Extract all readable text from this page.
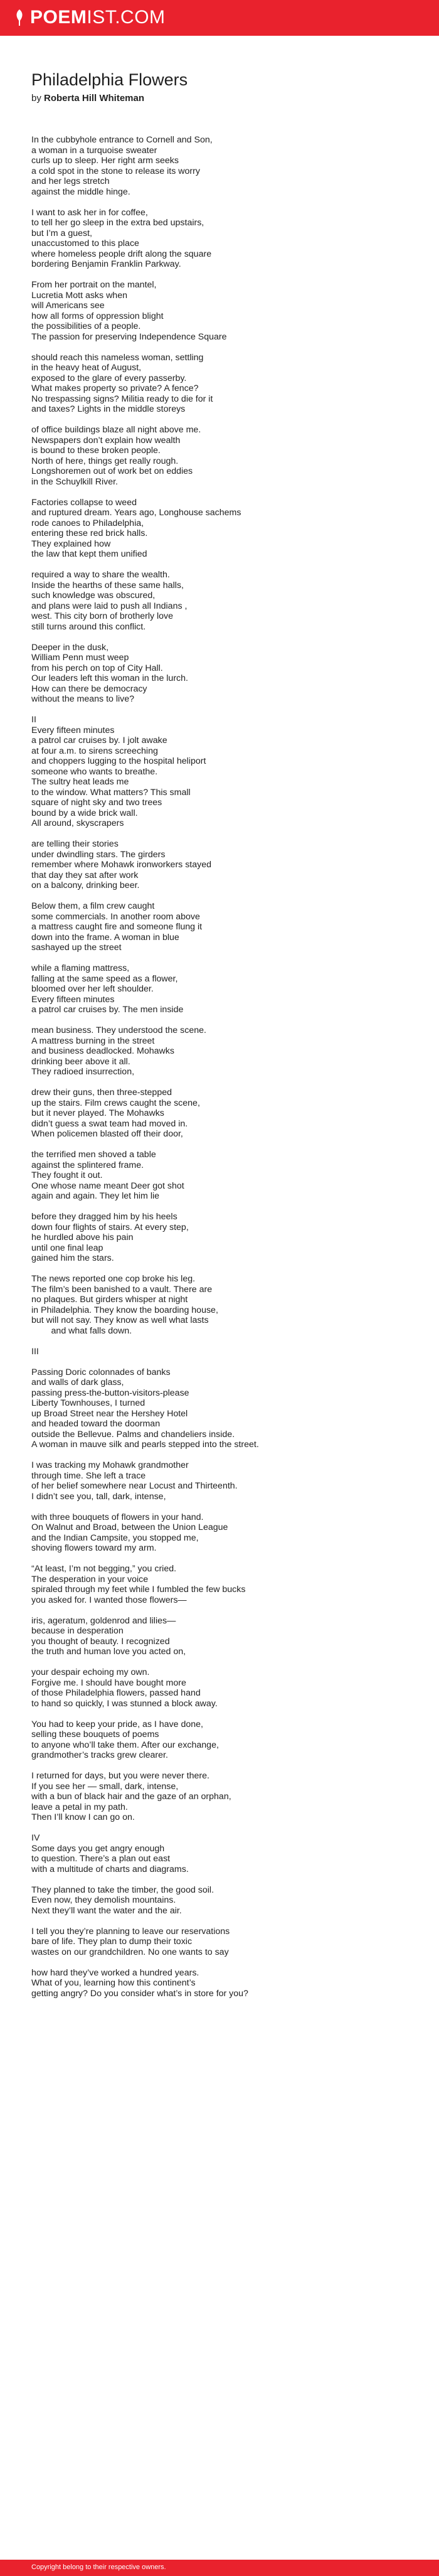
POEMIST.COM
Philadelphia Flowers
by Roberta Hill Whiteman
In the cubbyhole entrance to Cornell and Son,
a woman in a turquoise sweater
curls up to sleep. Her right arm seeks
a cold spot in the stone to release its worry
and her legs stretch
against the middle hinge.
I want to ask her in for coffee,
to tell her go sleep in the extra bed upstairs,
but I’m a guest,
unaccustomed to this place
where homeless people drift along the square
bordering Benjamin Franklin Parkway.
From her portrait on the mantel,
Lucretia Mott asks when
will Americans see
how all forms of oppression blight
the possibilities of a people.
The passion for preserving Independence Square
should reach this nameless woman, settling
in the heavy heat of August,
exposed to the glare of every passerby.
What makes property so private? A fence?
No trespassing signs? Militia ready to die for it
and taxes? Lights in the middle storeys
of office buildings blaze all night above me.
Newspapers don’t explain how wealth
is bound to these broken people.
North of here, things get really rough.
Longshoremen out of work bet on eddies
in the Schuylkill River.
Factories collapse to weed
and ruptured dream. Years ago, Longhouse sachems
rode canoes to Philadelphia,
entering these red brick halls.
They explained how
the law that kept them unified
required a way to share the wealth.
Inside the hearths of these same halls,
such knowledge was obscured,
and plans were laid to push all Indians ,
west. This city born of brotherly love
still turns around this conflict.
Deeper in the dusk,
William Penn must weep
from his perch on top of City Hall.
Our leaders left this woman in the lurch.
How can there be democracy
without the means to live?
II
Every fifteen minutes
a patrol car cruises by. I jolt awake
at four a.m. to sirens screeching
and choppers lugging to the hospital heliport
someone who wants to breathe.
The sultry heat leads me
to the window. What matters? This small
square of night sky and two trees
bound by a wide brick wall.
All around, skyscrapers
are telling their stories
under dwindling stars. The girders
remember where Mohawk ironworkers stayed
that day they sat after work
on a balcony, drinking beer.
Below them, a film crew caught
some commercials. In another room above
a mattress caught fire and someone flung it
down into the frame. A woman in blue
sashayed up the street
while a flaming mattress,
falling at the same speed as a flower,
bloomed over her left shoulder.
Every fifteen minutes
a patrol car cruises by. The men inside
mean business. They understood the scene.
A mattress burning in the street
and business deadlocked. Mohawks
drinking beer above it all.
They radioed insurrection,
drew their guns, then three-stepped
up the stairs. Film crews caught the scene,
but it never played. The Mohawks
didn’t guess a swat team had moved in.
When policemen blasted off their door,
the terrified men shoved a table
against the splintered frame.
They fought it out.
One whose name meant Deer got shot
again and again. They let him lie
before they dragged him by his heels
down four flights of stairs. At every step,
he hurdled above his pain
until one final leap
gained him the stars.
The news reported one cop broke his leg.
The film’s been banished to a vault. There are
no plaques. But girders whisper at night
in Philadelphia. They know the boarding house,
but will not say. They know as well what lasts
and what falls down.
III
Passing Doric colonnades of banks
and walls of dark glass,
passing press-the-button-visitors-please
Liberty Townhouses, I turned
up Broad Street near the Hershey Hotel
and headed toward the doorman
outside the Bellevue. Palms and chandeliers inside.
A woman in mauve silk and pearls stepped into the street.
I was tracking my Mohawk grandmother
through time. She left a trace
of her belief somewhere near Locust and Thirteenth.
I didn’t see you, tall, dark, intense,
with three bouquets of flowers in your hand.
On Walnut and Broad, between the Union League
and the Indian Campsite, you stopped me,
shoving flowers toward my arm.
“At least, I’m not begging,” you cried.
The desperation in your voice
spiraled through my feet while I fumbled the few bucks
you asked for. I wanted those flowers—
iris, ageratum, goldenrod and lilies—
because in desperation
you thought of beauty. I recognized
the truth and human love you acted on,
your despair echoing my own.
Forgive me. I should have bought more
of those Philadelphia flowers, passed hand
to hand so quickly, I was stunned a block away.
You had to keep your pride, as I have done,
selling these bouquets of poems
to anyone who’ll take them. After our exchange,
grandmother’s tracks grew clearer.
I returned for days, but you were never there.
If you see her — small, dark, intense,
with a bun of black hair and the gaze of an orphan,
leave a petal in my path.
Then I’ll know I can go on.
IV
Some days you get angry enough
to question. There’s a plan out east
with a multitude of charts and diagrams.
They planned to take the timber, the good soil.
Even now, they demolish mountains.
Next they’ll want the water and the air.
I tell you they’re planning to leave our reservations
bare of life. They plan to dump their toxic
wastes on our grandchildren. No one wants to say
how hard they’ve worked a hundred years.
What of you, learning how this continent’s
getting angry? Do you consider what’s in store for you?
Copyright belong to their respective owners.
